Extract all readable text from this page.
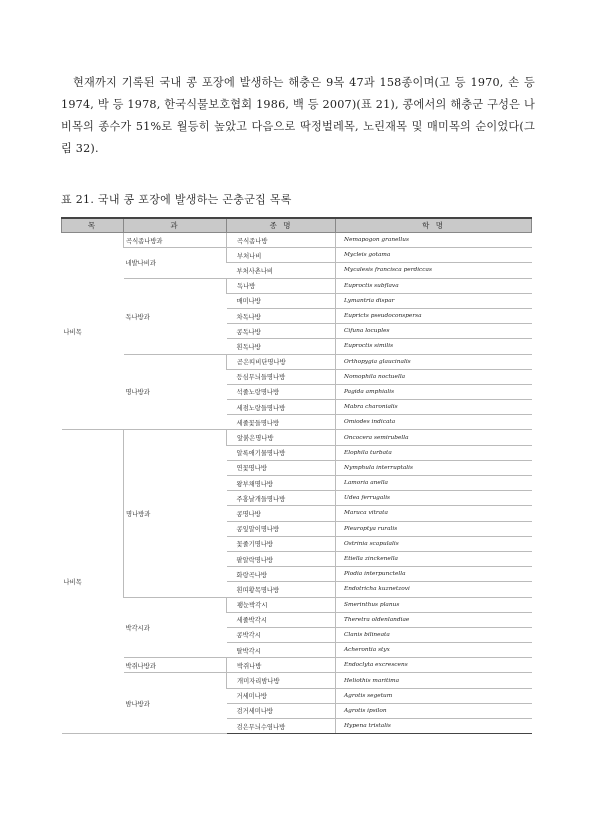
현재까지 기록된 국내 콩 포장에 발생하는 해충은 9목 47과 158종이며(고 등 1970, 손 등 1974, 박 등 1978, 한국식물보호협회 1986, 백 등 2007)(표 21), 콩에서의 해충군 구성은 나비목의 종수가 51%로 월등히 높았고 다음으로 딱정벌레목, 노린재목 및 매미목의 순이었다(그림 32).

표 21. 국내 콩 포장에 발생하는 곤충군집 목록

목	과	종 명	학 명
나비목	곡식좀나방과	곡식좀나방	Nemapogon granellus
	네발나비과	부처나비	Mycleis gotama
		부처사촌나비	Mycalesis francisca perdiccas
	독나방과	독나방	Euproctis subflava
		매미나방	Lymantria dispar
		차독나방	Eupricts pseudoconspersa
		콩독나방	Cifuna locuples
		흰독나방	Euproctis similis
	명나방과	곧은띠비단명나방	Orthopygia glaucinalis
		등심무늬들명나방	Nomophila noctuella
		석줄노랑명나방	Pagida amphialis
		세점노랑들명나방	Mabra charonialis
		세줄꽃들명나방	Omiodes indicata
나비목	명나방과	앞붉은명나방	Oncocera semirubella
		알록애기물명나방	Elophila turbata
		연꽃명나방	Nymphula interruptalis
		왕부채명나방	Lamoria anella
		주홍날개들명나방	Udea ferrugalis
		콩명나방	Maruca vitrata
		콩잎말이명나방	Pleuroptya ruralis
		꽃줄기명나방	Ostrinia scapulalis
		팥알락명나방	Etiella zinckenella
		화랑곡나방	Plodia interpunctella
		흰띠황목명나방	Endotricha kuznetzovi
	박각시과	팽눈박각시	Smerinthus planus
		세줄박각시	Theretra oldenlandiae
		콩박각시	Clanis bilineata
		탈박각시	Acherontia styx
	박쥐나방과	박쥐나방	Endoclyta excrescens
	밤나방과	개미자리밤나방	Heliothis maritima
		거세미나방	Agrotis segetum
		검거세미나방	Agrotis ipsilon
		검은무늬수염나방	Hypena tristalis
